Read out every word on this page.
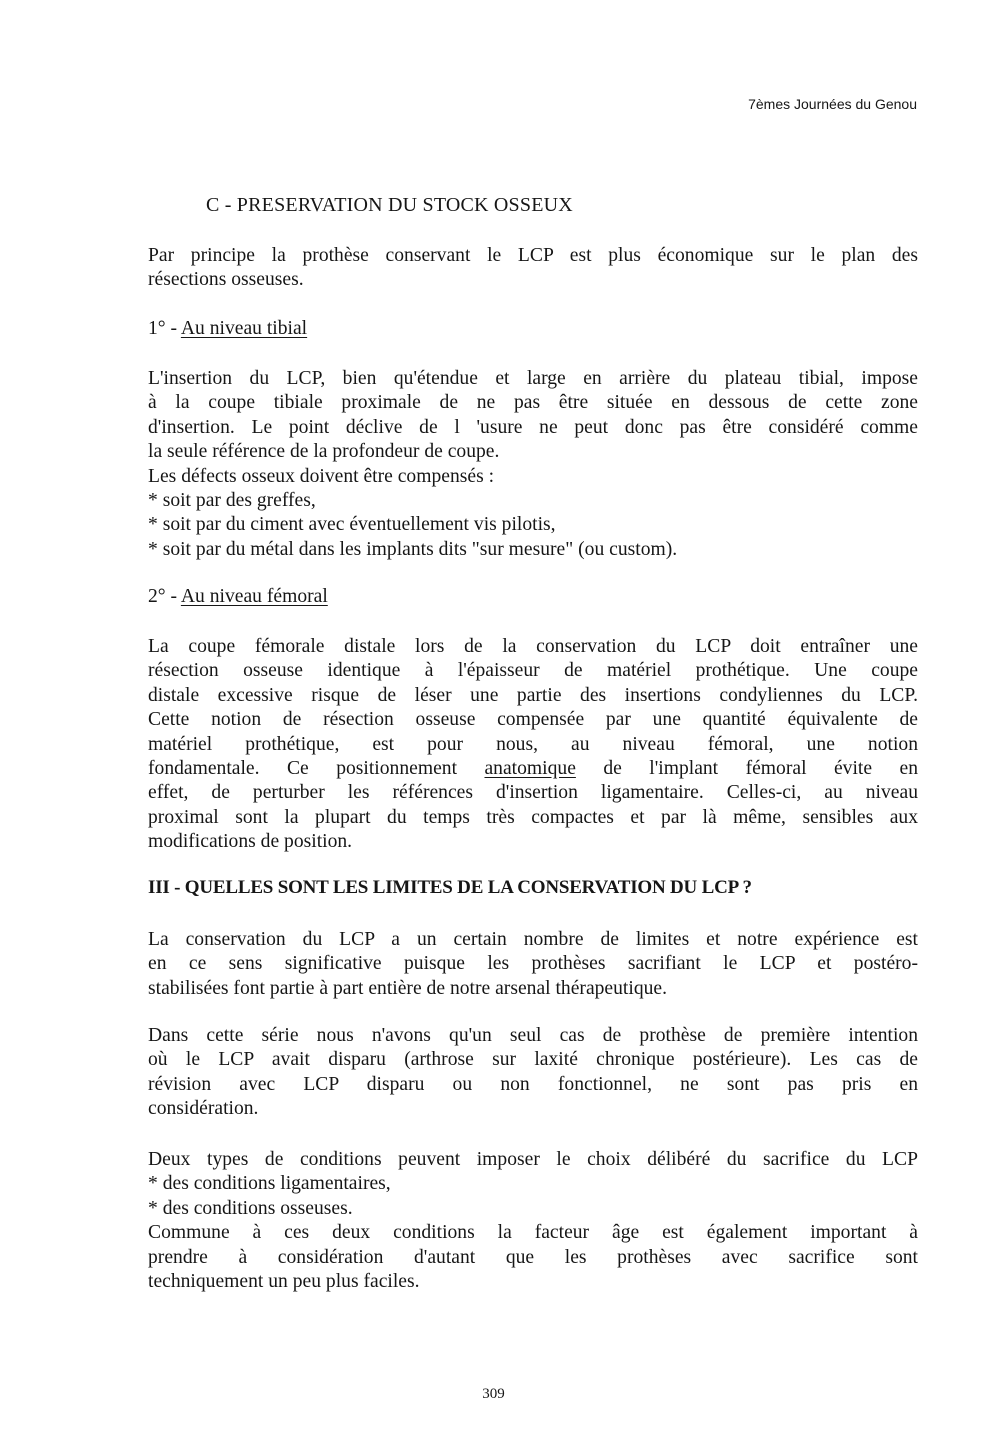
7èmes Journées du Genou
C - PRESERVATION DU STOCK OSSEUX

Par principe la prothèse conservant le LCP est plus économique sur le plan des
résections osseuses.

1° - Au niveau tibial

L'insertion du LCP, bien qu'étendue et large en arrière du plateau tibial, impose
à la coupe tibiale proximale de ne pas être située en dessous de cette zone
d'insertion. Le point déclive de l 'usure ne peut donc pas être considéré comme
la seule référence de la profondeur de coupe.
Les défects osseux doivent être compensés :
* soit par des greffes,
* soit par du ciment avec éventuellement vis pilotis,
* soit par du métal dans les implants dits "sur mesure" (ou custom).

2° - Au niveau fémoral

La coupe fémorale distale lors de la conservation du LCP doit entraîner une
résection osseuse identique à l'épaisseur de matériel prothétique. Une coupe
distale excessive risque de léser une partie des insertions condyliennes du LCP.
Cette notion de résection osseuse compensée par une quantité équivalente de
matériel prothétique, est pour nous, au niveau fémoral, une notion
fondamentale. Ce positionnement anatomique de l'implant fémoral évite en
effet, de perturber les références d'insertion ligamentaire. Celles-ci, au niveau
proximal sont la plupart du temps très compactes et par là même, sensibles aux
modifications de position.

III - QUELLES SONT LES LIMITES DE LA CONSERVATION DU LCP ?

La conservation du LCP a un certain nombre de limites et notre expérience est
en ce sens significative puisque les prothèses sacrifiant le LCP et postéro-
stabilisées font partie à part entière de notre arsenal thérapeutique.

Dans cette série nous n'avons qu'un seul cas de prothèse de première intention
où le LCP avait disparu (arthrose sur laxité chronique postérieure). Les cas de
révision avec LCP disparu ou non fonctionnel, ne sont pas pris en
considération.

Deux types de conditions peuvent imposer le choix délibéré du sacrifice du LCP
* des conditions ligamentaires,
* des conditions osseuses.
Commune à ces deux conditions la facteur âge est également important à
prendre à considération d'autant que les prothèses avec sacrifice sont
techniquement un peu plus faciles.

309
